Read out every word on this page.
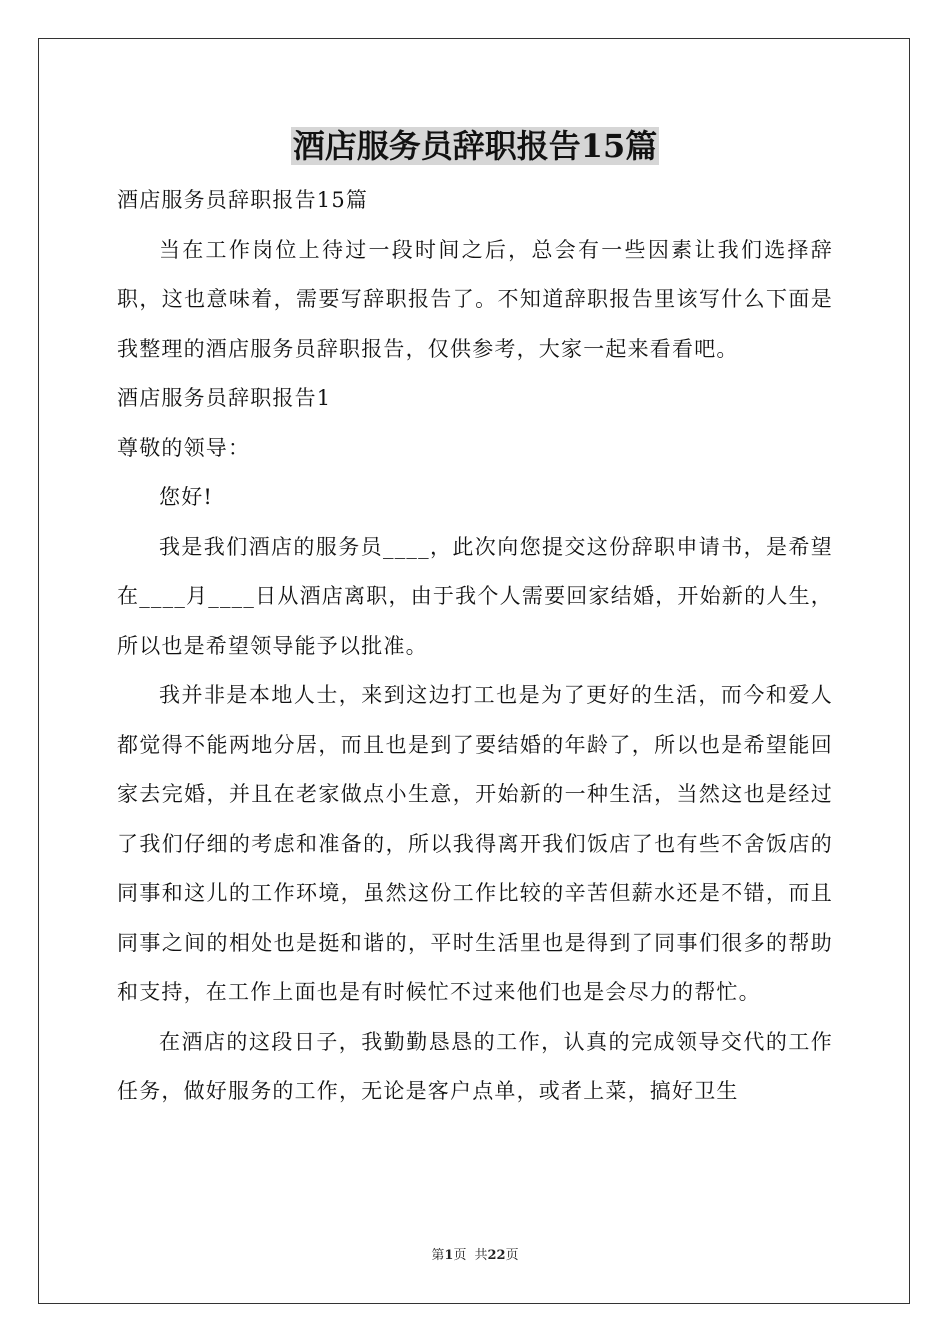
酒店服务员辞职报告15篇

酒店服务员辞职报告15篇

当在工作岗位上待过一段时间之后，总会有一些因素让我们选择辞职，这也意味着，需要写辞职报告了。不知道辞职报告里该写什么下面是我整理的酒店服务员辞职报告，仅供参考，大家一起来看看吧。

酒店服务员辞职报告1

尊敬的领导：

您好!

我是我们酒店的服务员____，此次向您提交这份辞职申请书，是希望在____月____日从酒店离职，由于我个人需要回家结婚，开始新的人生，所以也是希望领导能予以批准。

我并非是本地人士，来到这边打工也是为了更好的生活，而今和爱人都觉得不能两地分居，而且也是到了要结婚的年龄了，所以也是希望能回家去完婚，并且在老家做点小生意，开始新的一种生活，当然这也是经过了我们仔细的考虑和准备的，所以我得离开我们饭店了也有些不舍饭店的同事和这儿的工作环境，虽然这份工作比较的辛苦但薪水还是不错，而且同事之间的相处也是挺和谐的，平时生活里也是得到了同事们很多的帮助和支持，在工作上面也是有时候忙不过来他们也是会尽力的帮忙。

在酒店的这段日子，我勤勤恳恳的工作，认真的完成领导交代的工作任务，做好服务的工作，无论是客户点单，或者上菜，搞好卫生

第1页 共22页
